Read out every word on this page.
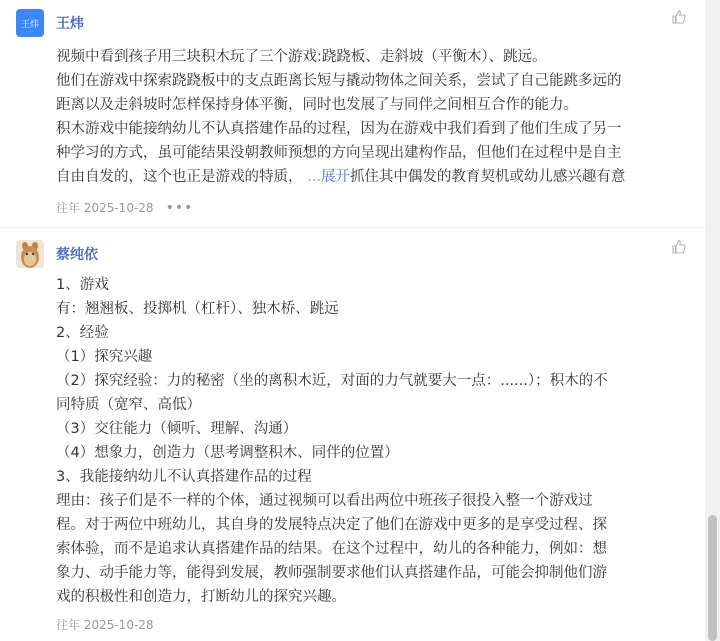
王炜	王炜

视频中看到孩子用三块积木玩了三个游戏:跷跷板、走斜坡（平衡木）、跳远。

他们在游戏中探索跷跷板中的支点距离长短与撬动物体之间关系，尝试了自己能跳多远的

距离以及走斜坡时怎样保持身体平衡，同时也发展了与同伴之间相互合作的能力。

积木游戏中能接纳幼儿不认真搭建作品的过程，因为在游戏中我们看到了他们生成了另一

种学习的方式，虽可能结果没朝教师预想的方向呈现出建构作品，但他们在过程中是自主

自由自发的，这个也正是游戏的特质， ...展开抓住其中偶发的教育契机或幼儿感兴趣有意

往年 2025-10-28 •••
蔡纯依

1、游戏

有：翘翘板、投掷机（杠杆）、独木桥、跳远

2、经验

（1）探究兴趣

（2）探究经验：力的秘密（坐的离积木近，对面的力气就要大一点：......）；积木的不

同特质（宽窄、高低）

（3）交往能力（倾听、理解、沟通）

（4）想象力，创造力（思考调整积木、同伴的位置）

3、我能接纳幼儿不认真搭建作品的过程

理由：孩子们是不一样的个体，通过视频可以看出两位中班孩子很投入整一个游戏过

程。对于两位中班幼儿，其自身的发展特点决定了他们在游戏中更多的是享受过程、探

索体验，而不是追求认真搭建作品的结果。在这个过程中，幼儿的各种能力，例如：想

象力、动手能力等，能得到发展，教师强制要求他们认真搭建作品，可能会抑制他们游

戏的积极性和创造力，打断幼儿的探究兴趣。

往年 2025-10-28
